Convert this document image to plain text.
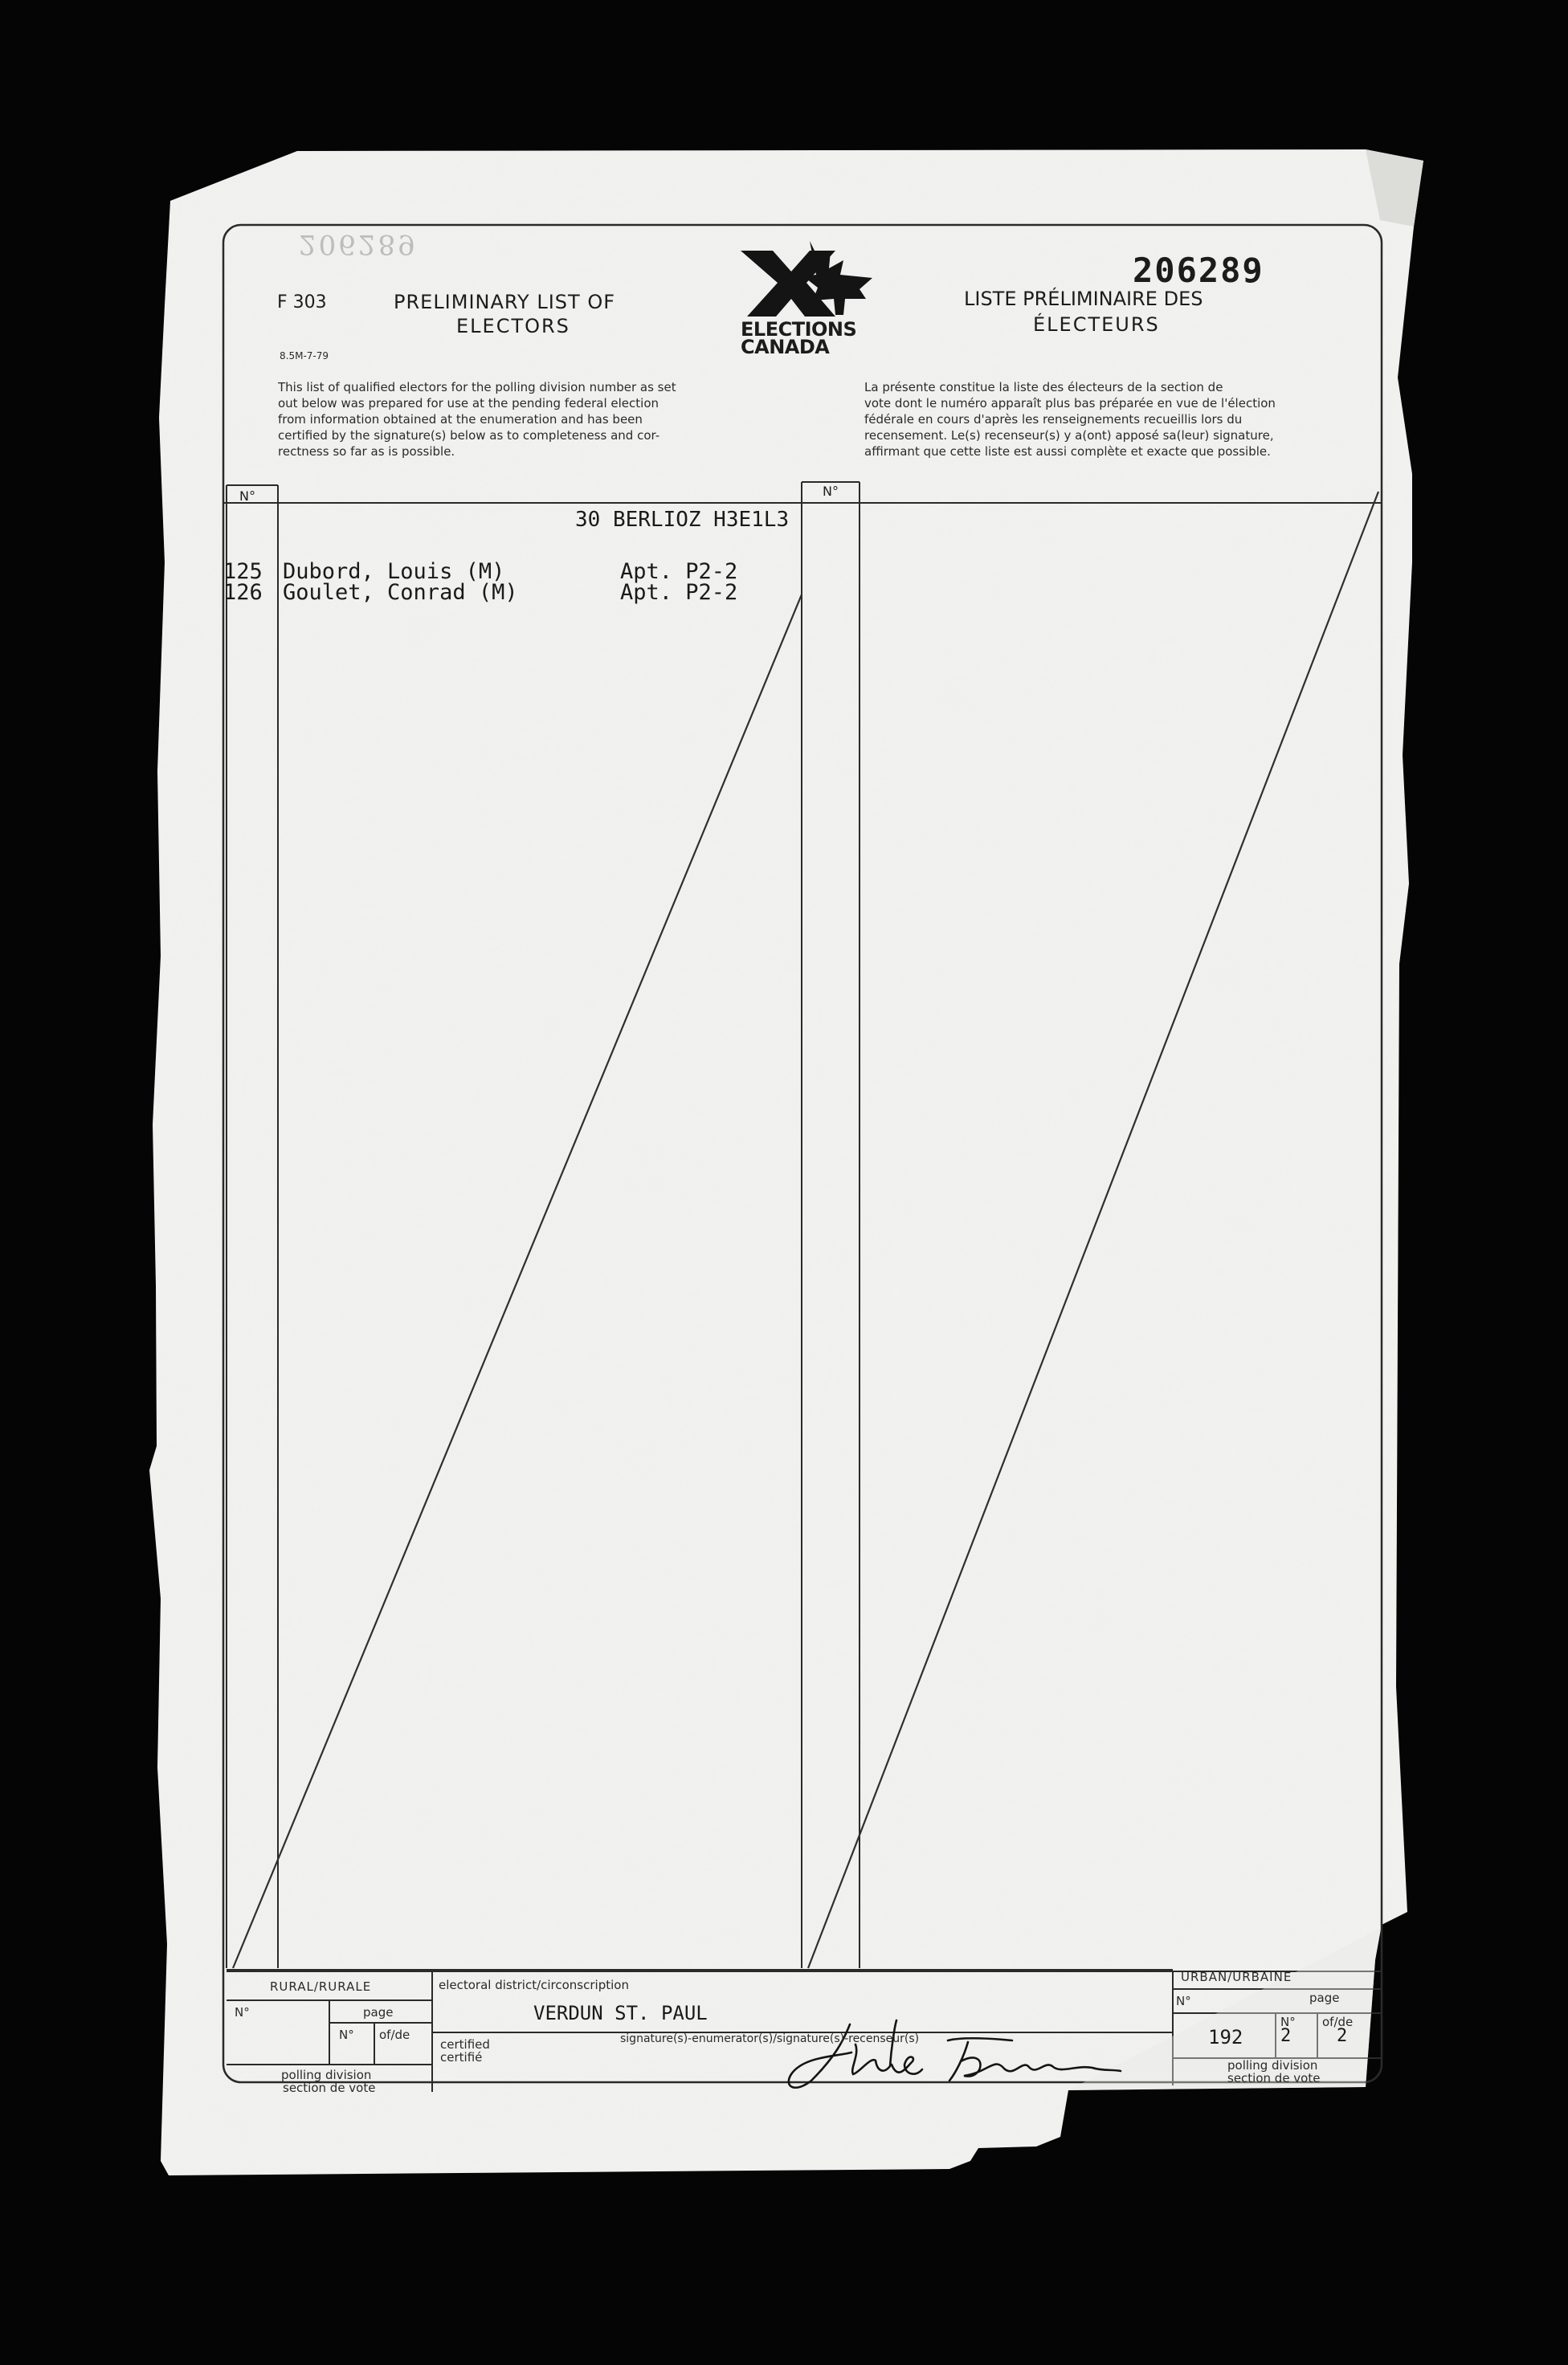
206289
F 303
8.5M-7-79
PRELIMINARY LIST OF
ELECTORS	ELECTIONS
CANADA
206289
LISTE PRÉLIMINAIRE DES
ÉLECTEURS
This list of qualified electors for the polling division number as set
out below was prepared for use at the pending federal election
from information obtained at the enumeration and has been
certified by the signature(s) below as to completeness and cor-
rectness so far as is possible.
La présente constitue la liste des électeurs de la section de
vote dont le numéro apparaît plus bas préparée en vue de l'élection
fédérale en cours d'après les renseignements recueillis lors du
recensement. Le(s) recenseur(s) y a(ont) apposé sa(leur) signature,
affirmant que cette liste est aussi complète et exacte que possible.
N°	N°
30 BERLIOZ H3E1L3
125 Dubord, Louis (M)	Apt. P2-2
126 Goulet, Conrad (M)	Apt. P2-2
RURAL/RURALE
N°	page
N° of/de
polling division
section de vote
electoral district/circonscription
VERDUN ST. PAUL
certified
certifié
signature(s)-enumerator(s)/signature(s)-recenseur(s)
URBAN/URBAINE
N°	page
192
N°
2
of/de
2
polling division
section de vote
